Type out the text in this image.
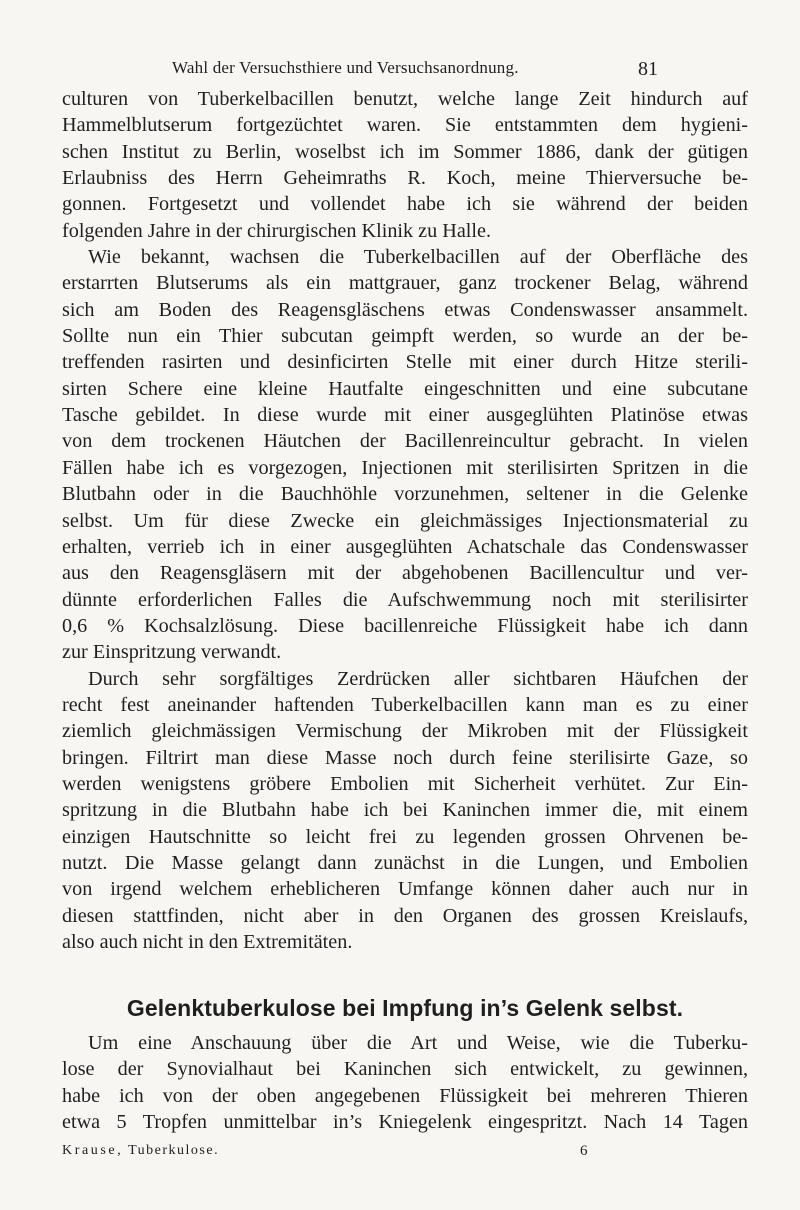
Wahl der Versuchsthiere und Versuchsanordnung.	81
culturen von Tuberkelbacillen benutzt, welche lange Zeit hindurch auf
Hammelblutserum fortgezüchtet waren. Sie entstammten dem hygieni-
schen Institut zu Berlin, woselbst ich im Sommer 1886, dank der gütigen
Erlaubniss des Herrn Geheimraths R. Koch, meine Thierversuche be-
gonnen. Fortgesetzt und vollendet habe ich sie während der beiden
folgenden Jahre in der chirurgischen Klinik zu Halle.
Wie bekannt, wachsen die Tuberkelbacillen auf der Oberfläche des
erstarrten Blutserums als ein mattgrauer, ganz trockener Belag, während
sich am Boden des Reagensgläschens etwas Condenswasser ansammelt.
Sollte nun ein Thier subcutan geimpft werden, so wurde an der be-
treffenden rasirten und desinficirten Stelle mit einer durch Hitze sterili-
sirten Schere eine kleine Hautfalte eingeschnitten und eine subcutane
Tasche gebildet. In diese wurde mit einer ausgeglühten Platinöse etwas
von dem trockenen Häutchen der Bacillenreincultur gebracht. In vielen
Fällen habe ich es vorgezogen, Injectionen mit sterilisirten Spritzen in die
Blutbahn oder in die Bauchhöhle vorzunehmen, seltener in die Gelenke
selbst. Um für diese Zwecke ein gleichmässiges Injectionsmaterial zu
erhalten, verrieb ich in einer ausgeglühten Achatschale das Condenswasser
aus den Reagensgläsern mit der abgehobenen Bacillencultur und ver-
dünnte erforderlichen Falles die Aufschwemmung noch mit sterilisirter
0,6 % Kochsalzlösung. Diese bacillenreiche Flüssigkeit habe ich dann
zur Einspritzung verwandt.
Durch sehr sorgfältiges Zerdrücken aller sichtbaren Häufchen der
recht fest aneinander haftenden Tuberkelbacillen kann man es zu einer
ziemlich gleichmässigen Vermischung der Mikroben mit der Flüssigkeit
bringen. Filtrirt man diese Masse noch durch feine sterilisirte Gaze, so
werden wenigstens gröbere Embolien mit Sicherheit verhütet. Zur Ein-
spritzung in die Blutbahn habe ich bei Kaninchen immer die, mit einem
einzigen Hautschnitte so leicht frei zu legenden grossen Ohrvenen be-
nutzt. Die Masse gelangt dann zunächst in die Lungen, und Embolien
von irgend welchem erheblicheren Umfange können daher auch nur in
diesen stattfinden, nicht aber in den Organen des grossen Kreislaufs,
also auch nicht in den Extremitäten.
Gelenktuberkulose bei Impfung in’s Gelenk selbst.
Um eine Anschauung über die Art und Weise, wie die Tuberku-
lose der Synovialhaut bei Kaninchen sich entwickelt, zu gewinnen,
habe ich von der oben angegebenen Flüssigkeit bei mehreren Thieren
etwa 5 Tropfen unmittelbar in’s Kniegelenk eingespritzt. Nach 14 Tagen
Krause, Tuberkulose.	6
